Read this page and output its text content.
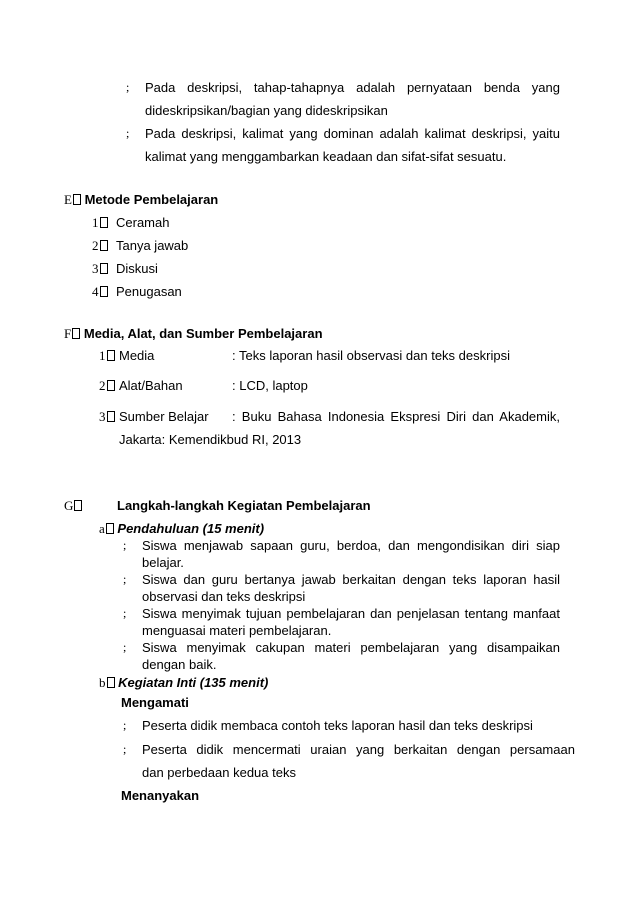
; Pada deskripsi, tahap-tahapnya adalah pernyataan benda yang
dideskripsikan/bagian yang dideskripsikan
; Pada deskripsi, kalimat yang dominan adalah kalimat deskripsi, yaitu
kalimat yang menggambarkan keadaan dan sifat-sifat sesuatu.
E Metode Pembelajaran
1	Ceramah
2	Tanya jawab
3	Diskusi
4	Penugasan
F Media, Alat, dan Sumber Pembelajaran
1	Media	: Teks laporan hasil observasi dan teks deskripsi
2	Alat/Bahan	: LCD, laptop
3	Sumber Belajar : Buku Bahasa Indonesia Ekspresi Diri dan Akademik,
Jakarta: Kemendikbud RI, 2013
G	Langkah-langkah Kegiatan Pembelajaran
a Pendahuluan (15 menit)
; Siswa menjawab sapaan guru, berdoa, dan mengondisikan diri siap
belajar.
; Siswa dan guru bertanya jawab berkaitan dengan teks laporan hasil
observasi dan teks deskripsi
; Siswa menyimak tujuan pembelajaran dan penjelasan tentang manfaat
menguasai materi pembelajaran.
; Siswa menyimak cakupan materi pembelajaran yang disampaikan
dengan baik.
b Kegiatan Inti (135 menit)
Mengamati
; Peserta didik membaca contoh teks laporan hasil dan teks deskripsi
; Peserta didik mencermati uraian yang berkaitan dengan persamaan
dan perbedaan kedua teks
Menanyakan
